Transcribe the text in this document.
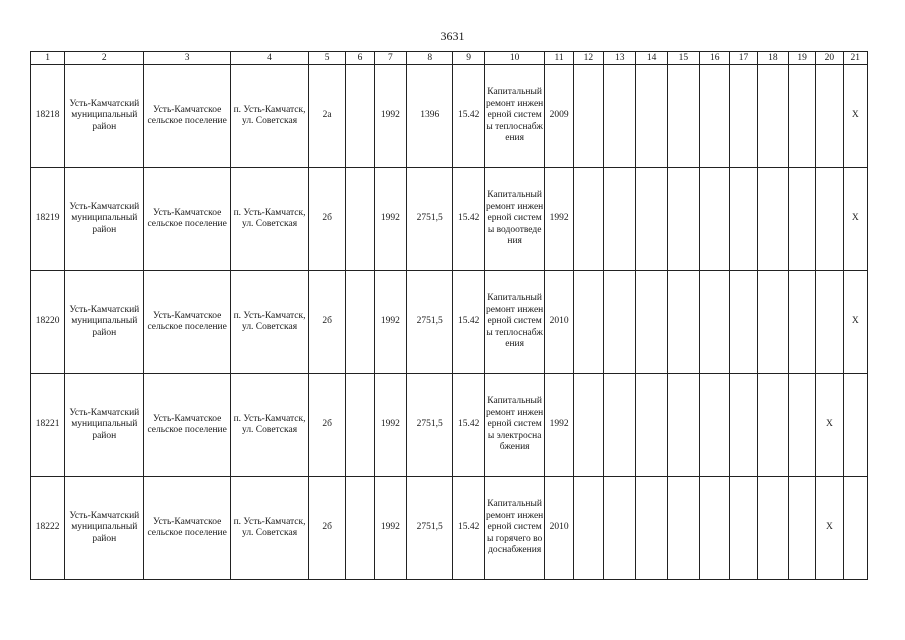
3631
1	2	3	4	5	6	7	8	9	10	11	12	13	14	15	16	17	18	19	20	21
18218	Усть-Камчатский муниципальный район	Усть-Камчатское сельское поселение	п. Усть-Камчатск, ул. Советская	2а		1992	1396	15.42	Капитальный ремонт инженерной системы теплоснабжения	2009										X
18219	Усть-Камчатский муниципальный район	Усть-Камчатское сельское поселение	п. Усть-Камчатск, ул. Советская	2б		1992	2751,5	15.42	Капитальный ремонт инженерной системы водоотведения	1992										X
18220	Усть-Камчатский муниципальный район	Усть-Камчатское сельское поселение	п. Усть-Камчатск, ул. Советская	2б		1992	2751,5	15.42	Капитальный ремонт инженерной системы теплоснабжения	2010										X
18221	Усть-Камчатский муниципальный район	Усть-Камчатское сельское поселение	п. Усть-Камчатск, ул. Советская	2б		1992	2751,5	15.42	Капитальный ремонт инженерной системы электроснабжения	1992									X	
18222	Усть-Камчатский муниципальный район	Усть-Камчатское сельское поселение	п. Усть-Камчатск, ул. Советская	2б		1992	2751,5	15.42	Капитальный ремонт инженерной системы горячего водоснабжения	2010									X	
